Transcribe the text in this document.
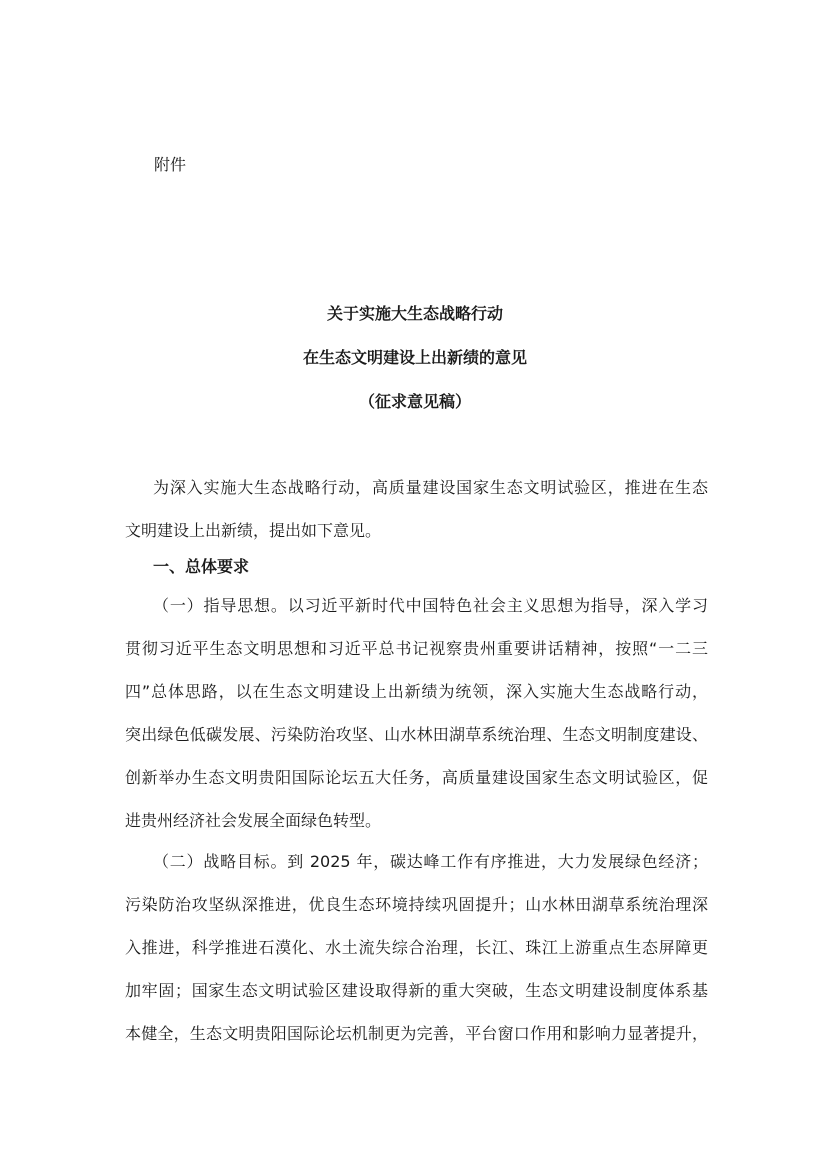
附件
关于实施大生态战略行动
在生态文明建设上出新绩的意见
（征求意见稿）
为深入实施大生态战略行动，高质量建设国家生态文明试验区，推进在生态
文明建设上出新绩，提出如下意见。
一、总体要求
（一）指导思想。以习近平新时代中国特色社会主义思想为指导，深入学习
贯彻习近平生态文明思想和习近平总书记视察贵州重要讲话精神，按照“一二三
四”总体思路，以在生态文明建设上出新绩为统领，深入实施大生态战略行动，
突出绿色低碳发展、污染防治攻坚、山水林田湖草系统治理、生态文明制度建设、
创新举办生态文明贵阳国际论坛五大任务，高质量建设国家生态文明试验区，促
进贵州经济社会发展全面绿色转型。
（二）战略目标。到 2025 年，碳达峰工作有序推进，大力发展绿色经济；
污染防治攻坚纵深推进，优良生态环境持续巩固提升；山水林田湖草系统治理深
入推进，科学推进石漠化、水土流失综合治理，长江、珠江上游重点生态屏障更
加牢固；国家生态文明试验区建设取得新的重大突破，生态文明建设制度体系基
本健全，生态文明贵阳国际论坛机制更为完善，平台窗口作用和影响力显著提升，
